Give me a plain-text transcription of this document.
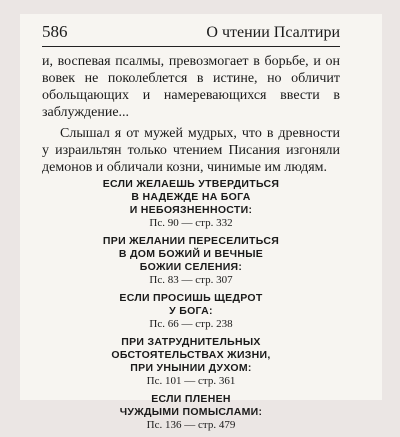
586	О чтении Псалтири

и, воспевая псалмы, превозмогает в борьбе, и он вовек не поколеблется в истине, но обличит обольщающих и намеревающихся ввести в заблуждение...

Слышал я от мужей мудрых, что в древности у израильтян только чтением Писания изгоняли демонов и обличали козни, чинимые им людям.

ЕСЛИ ЖЕЛАЕШЬ УТВЕРДИТЬСЯ
В НАДЕЖДЕ НА БОГА
И НЕБОЯЗНЕННОСТИ:
Пс. 90 — стр. 332
ПРИ ЖЕЛАНИИ ПЕРЕСЕЛИТЬСЯ
В ДОМ БОЖИЙ И ВЕЧНЫЕ
БОЖИИ СЕЛЕНИЯ:
Пс. 83 — стр. 307
ЕСЛИ ПРОСИШЬ ЩЕДРОТ
У БОГА:
Пс. 66 — стр. 238
ПРИ ЗАТРУДНИТЕЛЬНЫХ
ОБСТОЯТЕЛЬСТВАХ ЖИЗНИ,
ПРИ УНЫНИИ ДУХОМ:
Пс. 101 — стр. 361
ЕСЛИ ПЛЕНЕН
ЧУЖДЫМИ ПОМЫСЛАМИ:
Пс. 136 — стр. 479
